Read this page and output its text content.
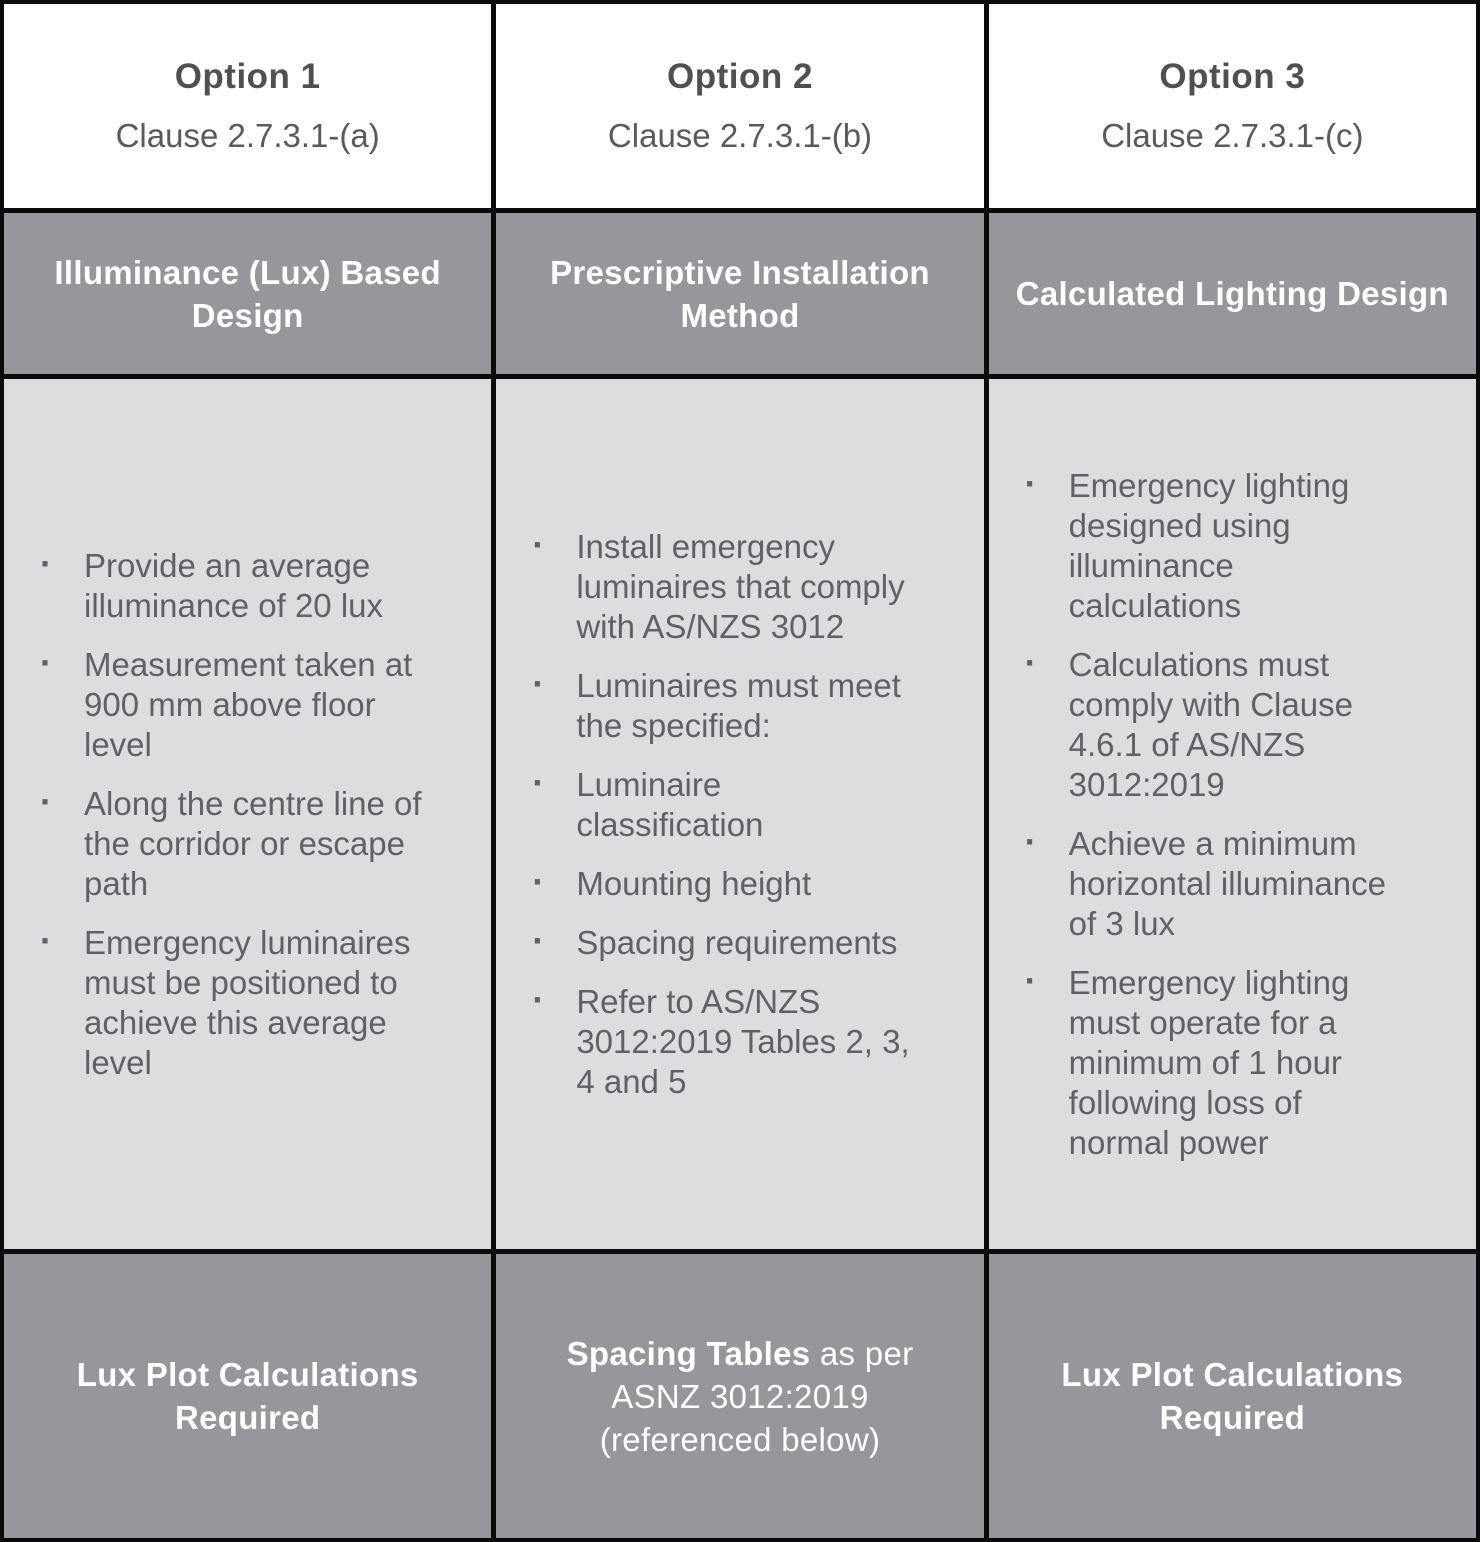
Option 1
Clause 2.7.3.1-(a)
Option 2
Clause 2.7.3.1-(b)
Option 3
Clause 2.7.3.1-(c)
Illuminance (Lux) Based Design
Prescriptive Installation Method
Calculated Lighting Design
· Provide an average illuminance of 20 lux
· Measurement taken at 900 mm above floor level
· Along the centre line of the corridor or escape path
· Emergency luminaires must be positioned to achieve this average level
· Install emergency luminaires that comply with AS/NZS 3012
· Luminaires must meet the specified:
· Luminaire classification
· Mounting height
· Spacing requirements
· Refer to AS/NZS 3012:2019 Tables 2, 3, 4 and 5
· Emergency lighting designed using illuminance calculations
· Calculations must comply with Clause 4.6.1 of AS/NZS 3012:2019
· Achieve a minimum horizontal illuminance of 3 lux
· Emergency lighting must operate for a minimum of 1 hour following loss of normal power
Lux Plot Calculations Required
Spacing Tables as per ASNZ 3012:2019 (referenced below)
Lux Plot Calculations Required
